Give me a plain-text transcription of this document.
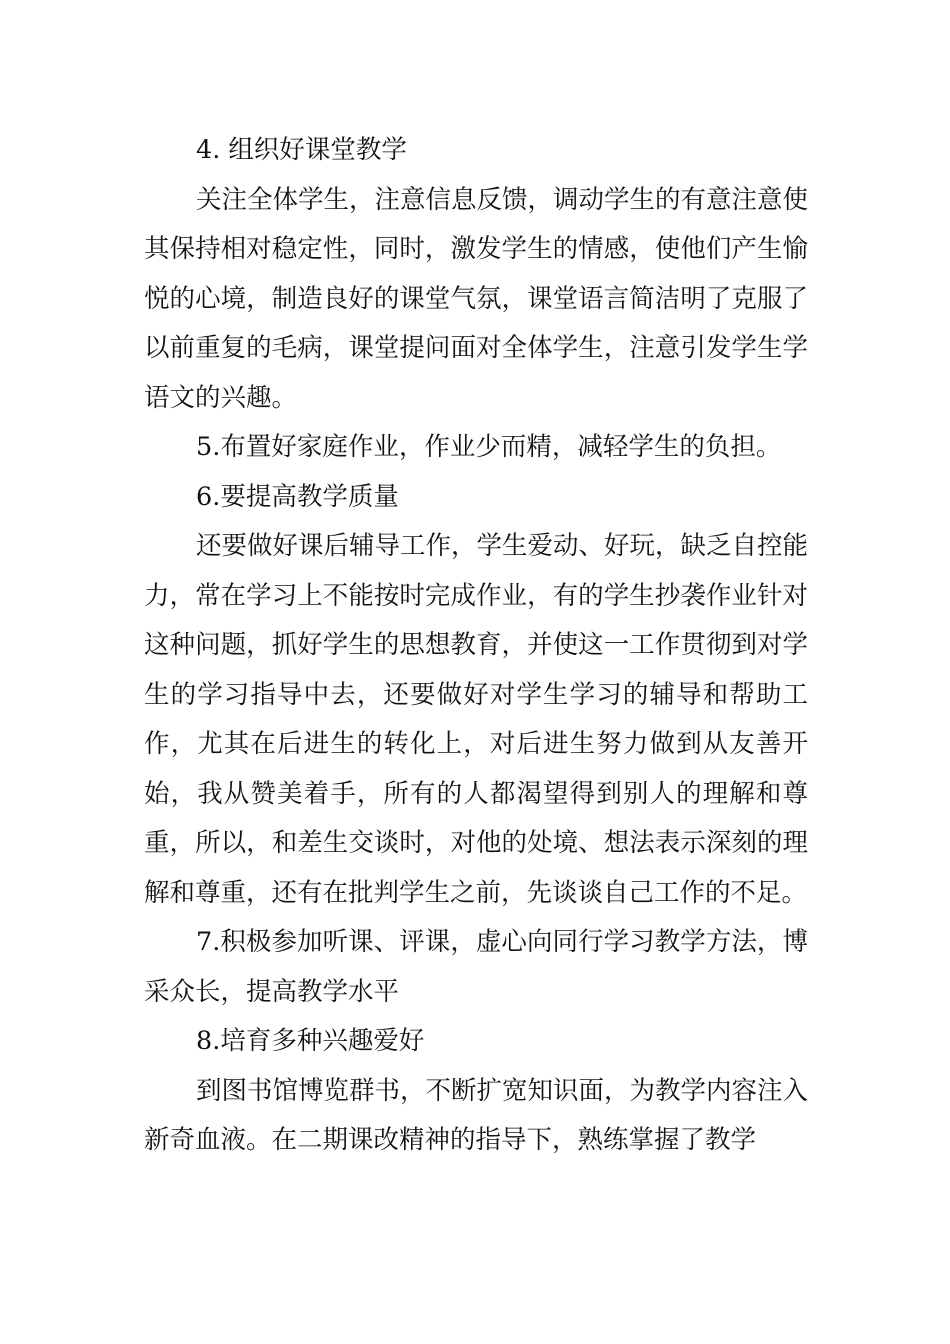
4. 组织好课堂教学

关注全体学生，注意信息反馈，调动学生的有意注意使其保持相对稳定性，同时，激发学生的情感，使他们产生愉悦的心境，制造良好的课堂气氛，课堂语言简洁明了克服了以前重复的毛病，课堂提问面对全体学生，注意引发学生学语文的兴趣。

5.布置好家庭作业，作业少而精，减轻学生的负担。

6.要提高教学质量

还要做好课后辅导工作，学生爱动、好玩，缺乏自控能力，常在学习上不能按时完成作业，有的学生抄袭作业针对这种问题，抓好学生的思想教育，并使这一工作贯彻到对学生的学习指导中去，还要做好对学生学习的辅导和帮助工作，尤其在后进生的转化上，对后进生努力做到从友善开始，我从赞美着手，所有的人都渴望得到别人的理解和尊重，所以，和差生交谈时，对他的处境、想法表示深刻的理解和尊重，还有在批判学生之前，先谈谈自己工作的不足。

7.积极参加听课、评课，虚心向同行学习教学方法，博采众长，提高教学水平

8.培育多种兴趣爱好

到图书馆博览群书，不断扩宽知识面，为教学内容注入新奇血液。在二期课改精神的指导下，熟练掌握了教学
